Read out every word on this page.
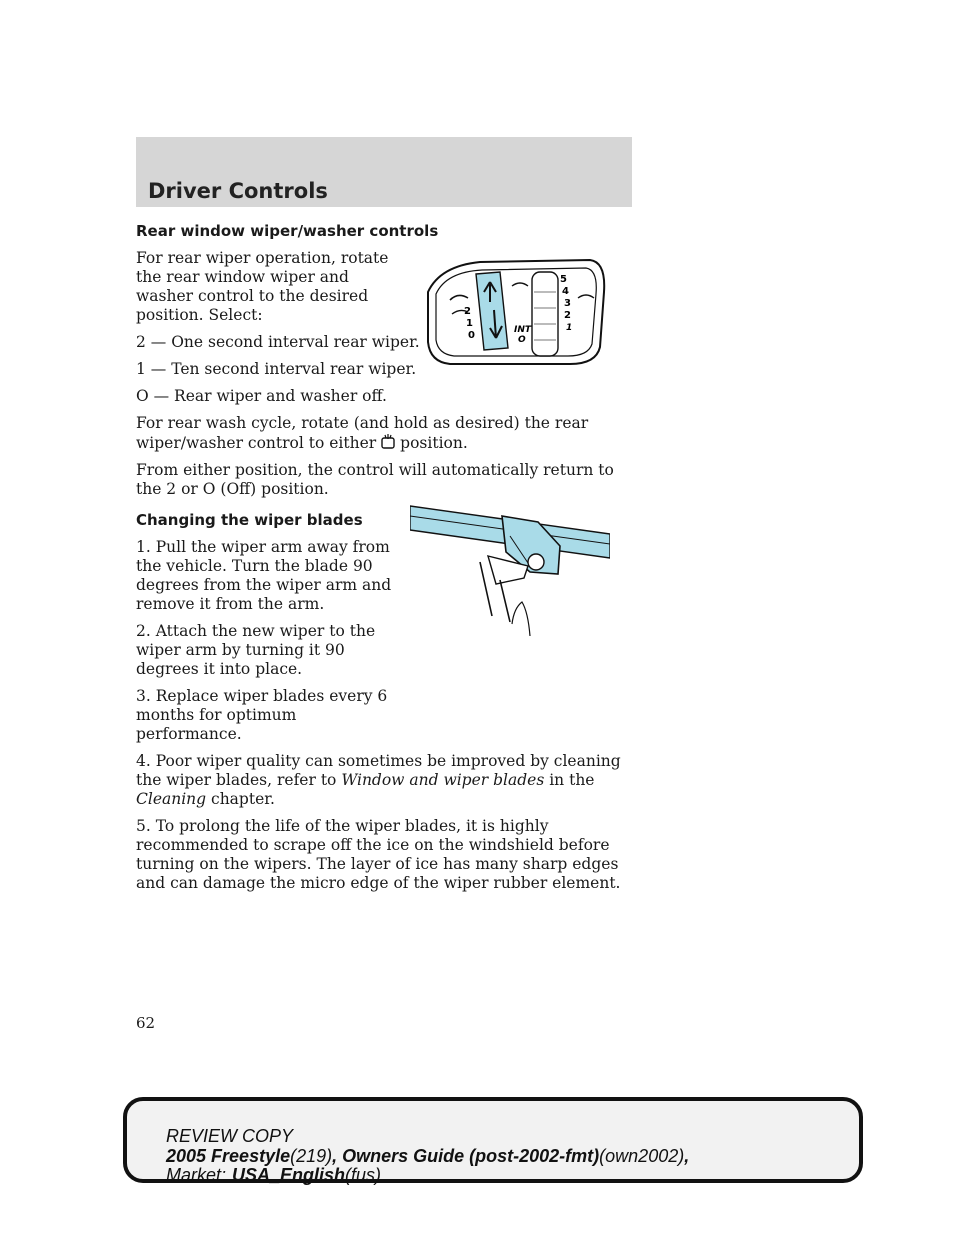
Driver Controls
Rear window wiper/washer controls

For rear wiper operation, rotate the rear window wiper and washer control to the desired position. Select:

2 — One second interval rear wiper.

1 — Ten second interval rear wiper.

O — Rear wiper and washer off.

For rear wash cycle, rotate (and hold as desired) the rear wiper/washer control to either position.

From either position, the control will automatically return to the 2 or O (Off) position.

Changing the wiper blades

1. Pull the wiper arm away from the vehicle. Turn the blade 90 degrees from the wiper arm and remove it from the arm.

2. Attach the new wiper to the wiper arm by turning it 90 degrees it into place.

3. Replace wiper blades every 6 months for optimum performance.

4. Poor wiper quality can sometimes be improved by cleaning the wiper blades, refer to Window and wiper blades in the Cleaning chapter.

5. To prolong the life of the wiper blades, it is highly recommended to scrape off the ice on the windshield before turning on the wipers. The layer of ice has many sharp edges and can damage the micro edge of the wiper rubber element.

2
1
0	INT
O
5
4
3
2
1
62
REVIEW COPY
2005 Freestyle(219), Owners Guide (post-2002-fmt)(own2002),
Market: USA_English(fus)
